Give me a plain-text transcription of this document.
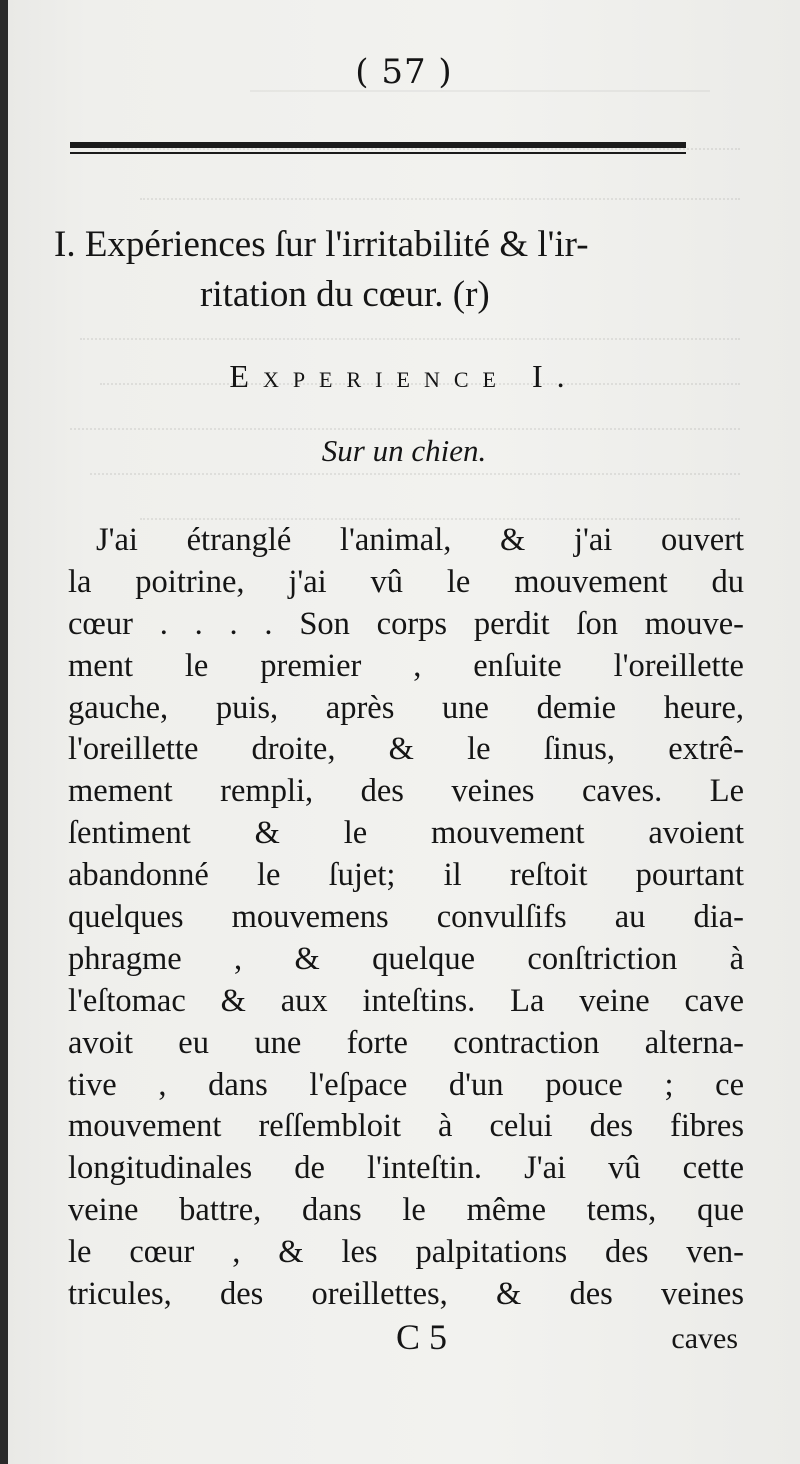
( 57 )
I. Expériences ſur l'irritabilité & l'ir-
ritation du cœur. (r)
Experience I.
Sur un chien.
J'ai étranglé l'animal, & j'ai ouvert
la poitrine, j'ai vû le mouvement du
cœur . . . . Son corps perdit ſon mouve-
ment le premier , enſuite l'oreillette
gauche, puis, après une demie heure,
l'oreillette droite, & le ſinus, extrê-
mement rempli, des veines caves. Le
ſentiment & le mouvement avoient
abandonné le ſujet; il reſtoit pourtant
quelques mouvemens convulſifs au dia-
phragme , & quelque conſtriction à
l'eſtomac & aux inteſtins. La veine cave
avoit eu une forte contraction alterna-
tive , dans l'eſpace d'un pouce ; ce
mouvement reſſembloit à celui des fibres
longitudinales de l'inteſtin. J'ai vû cette
veine battre, dans le même tems, que
le cœur , & les palpitations des ven-
tricules, des oreillettes, & des veines
C 5	caves
